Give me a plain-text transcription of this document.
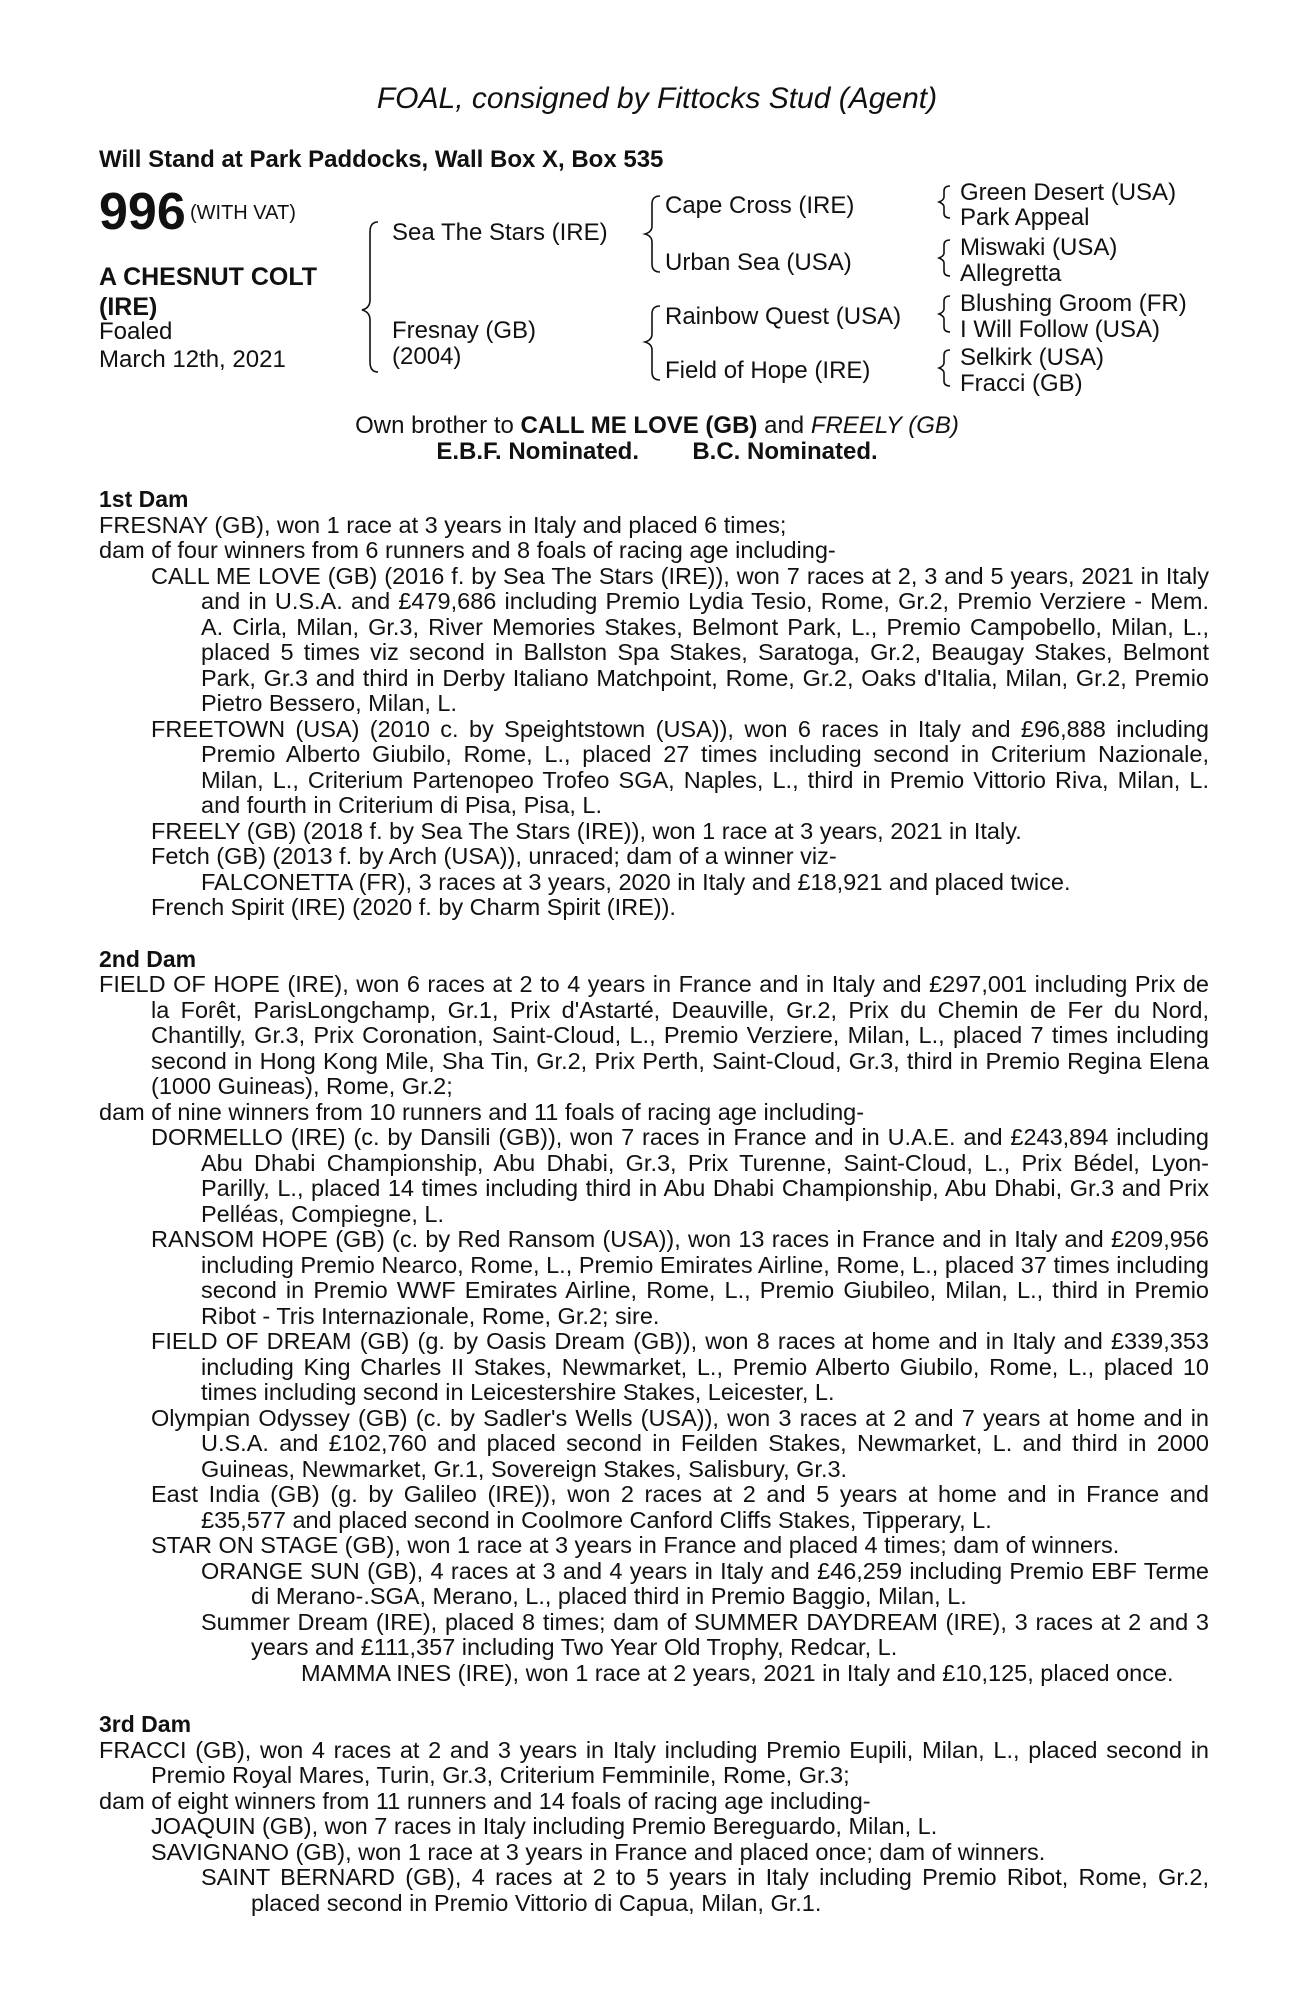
FOAL, consigned by Fittocks Stud (Agent)
Will Stand at Park Paddocks, Wall Box X, Box 535
996 (WITH VAT)
A CHESNUT COLT
(IRE)
Foaled
March 12th, 2021
Sea The Stars (IRE)
Fresnay (GB)
(2004)
Cape Cross (IRE)
Urban Sea (USA)
Rainbow Quest (USA)
Field of Hope (IRE)
Green Desert (USA)
Park Appeal
Miswaki (USA)
Allegretta
Blushing Groom (FR)
I Will Follow (USA)
Selkirk (USA)
Fracci (GB)
Own brother to CALL ME LOVE (GB) and FREELY (GB)
E.B.F. Nominated. B.C. Nominated.
1st Dam
FRESNAY (GB), won 1 race at 3 years in Italy and placed 6 times;
dam of four winners from 6 runners and 8 foals of racing age including-
CALL ME LOVE (GB) (2016 f. by Sea The Stars (IRE)), won 7 races at 2, 3 and 5 years, 2021 in Italy and in U.S.A. and £479,686 including Premio Lydia Tesio, Rome, Gr.2, Premio Verziere - Mem. A. Cirla, Milan, Gr.3, River Memories Stakes, Belmont Park, L., Premio Campobello, Milan, L., placed 5 times viz second in Ballston Spa Stakes, Saratoga, Gr.2, Beaugay Stakes, Belmont Park, Gr.3 and third in Derby Italiano Matchpoint, Rome, Gr.2, Oaks d'Italia, Milan, Gr.2, Premio Pietro Bessero, Milan, L.
FREETOWN (USA) (2010 c. by Speightstown (USA)), won 6 races in Italy and £96,888 including Premio Alberto Giubilo, Rome, L., placed 27 times including second in Criterium Nazionale, Milan, L., Criterium Partenopeo Trofeo SGA, Naples, L., third in Premio Vittorio Riva, Milan, L. and fourth in Criterium di Pisa, Pisa, L.
FREELY (GB) (2018 f. by Sea The Stars (IRE)), won 1 race at 3 years, 2021 in Italy.
Fetch (GB) (2013 f. by Arch (USA)), unraced; dam of a winner viz-
FALCONETTA (FR), 3 races at 3 years, 2020 in Italy and £18,921 and placed twice.
French Spirit (IRE) (2020 f. by Charm Spirit (IRE)).
2nd Dam
FIELD OF HOPE (IRE), won 6 races at 2 to 4 years in France and in Italy and £297,001 including Prix de la Forêt, ParisLongchamp, Gr.1, Prix d'Astarté, Deauville, Gr.2, Prix du Chemin de Fer du Nord, Chantilly, Gr.3, Prix Coronation, Saint-Cloud, L., Premio Verziere, Milan, L., placed 7 times including second in Hong Kong Mile, Sha Tin, Gr.2, Prix Perth, Saint-Cloud, Gr.3, third in Premio Regina Elena (1000 Guineas), Rome, Gr.2;
dam of nine winners from 10 runners and 11 foals of racing age including-
DORMELLO (IRE) (c. by Dansili (GB)), won 7 races in France and in U.A.E. and £243,894 including Abu Dhabi Championship, Abu Dhabi, Gr.3, Prix Turenne, Saint-Cloud, L., Prix Bédel, Lyon-Parilly, L., placed 14 times including third in Abu Dhabi Championship, Abu Dhabi, Gr.3 and Prix Pelléas, Compiegne, L.
RANSOM HOPE (GB) (c. by Red Ransom (USA)), won 13 races in France and in Italy and £209,956 including Premio Nearco, Rome, L., Premio Emirates Airline, Rome, L., placed 37 times including second in Premio WWF Emirates Airline, Rome, L., Premio Giubileo, Milan, L., third in Premio Ribot - Tris Internazionale, Rome, Gr.2; sire.
FIELD OF DREAM (GB) (g. by Oasis Dream (GB)), won 8 races at home and in Italy and £339,353 including King Charles II Stakes, Newmarket, L., Premio Alberto Giubilo, Rome, L., placed 10 times including second in Leicestershire Stakes, Leicester, L.
Olympian Odyssey (GB) (c. by Sadler's Wells (USA)), won 3 races at 2 and 7 years at home and in U.S.A. and £102,760 and placed second in Feilden Stakes, Newmarket, L. and third in 2000 Guineas, Newmarket, Gr.1, Sovereign Stakes, Salisbury, Gr.3.
East India (GB) (g. by Galileo (IRE)), won 2 races at 2 and 5 years at home and in France and £35,577 and placed second in Coolmore Canford Cliffs Stakes, Tipperary, L.
STAR ON STAGE (GB), won 1 race at 3 years in France and placed 4 times; dam of winners.
ORANGE SUN (GB), 4 races at 3 and 4 years in Italy and £46,259 including Premio EBF Terme di Merano-.SGA, Merano, L., placed third in Premio Baggio, Milan, L.
Summer Dream (IRE), placed 8 times; dam of SUMMER DAYDREAM (IRE), 3 races at 2 and 3 years and £111,357 including Two Year Old Trophy, Redcar, L.
MAMMA INES (IRE), won 1 race at 2 years, 2021 in Italy and £10,125, placed once.
3rd Dam
FRACCI (GB), won 4 races at 2 and 3 years in Italy including Premio Eupili, Milan, L., placed second in Premio Royal Mares, Turin, Gr.3, Criterium Femminile, Rome, Gr.3;
dam of eight winners from 11 runners and 14 foals of racing age including-
JOAQUIN (GB), won 7 races in Italy including Premio Bereguardo, Milan, L.
SAVIGNANO (GB), won 1 race at 3 years in France and placed once; dam of winners.
SAINT BERNARD (GB), 4 races at 2 to 5 years in Italy including Premio Ribot, Rome, Gr.2, placed second in Premio Vittorio di Capua, Milan, Gr.1.
